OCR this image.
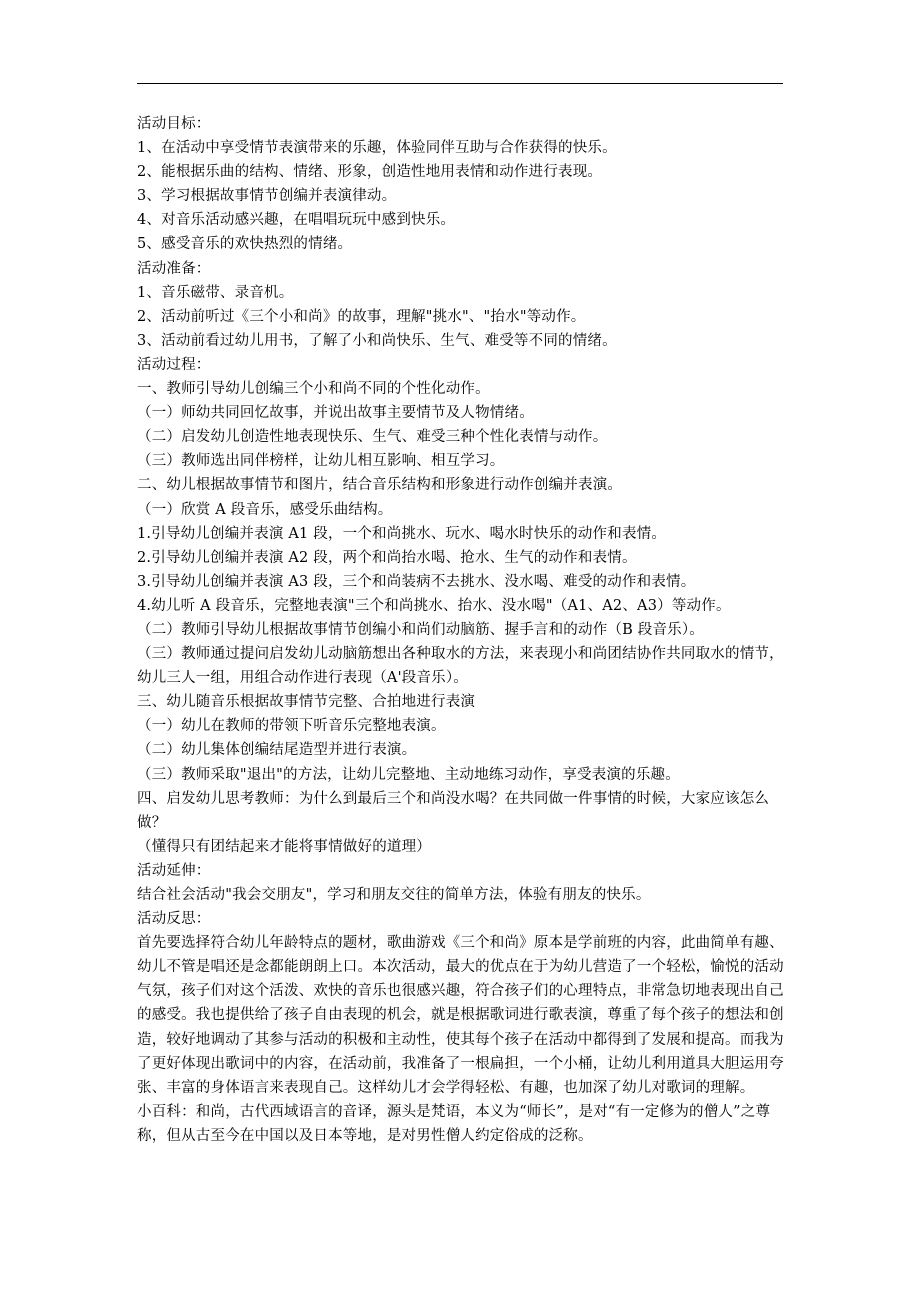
活动目标：

1、在活动中享受情节表演带来的乐趣，体验同伴互助与合作获得的快乐。

2、能根据乐曲的结构、情绪、形象，创造性地用表情和动作进行表现。

3、学习根据故事情节创编并表演律动。

4、对音乐活动感兴趣，在唱唱玩玩中感到快乐。

5、感受音乐的欢快热烈的情绪。

活动准备：

1、音乐磁带、录音机。

2、活动前听过《三个小和尚》的故事，理解"挑水"、"抬水"等动作。

3、活动前看过幼儿用书，了解了小和尚快乐、生气、难受等不同的情绪。

活动过程：

一、教师引导幼儿创编三个小和尚不同的个性化动作。

（一）师幼共同回忆故事，并说出故事主要情节及人物情绪。

（二）启发幼儿创造性地表现快乐、生气、难受三种个性化表情与动作。

（三）教师选出同伴榜样，让幼儿相互影响、相互学习。

二、幼儿根据故事情节和图片，结合音乐结构和形象进行动作创编并表演。

（一）欣赏 A 段音乐，感受乐曲结构。

1.引导幼儿创编并表演 A1 段，一个和尚挑水、玩水、喝水时快乐的动作和表情。

2.引导幼儿创编并表演 A2 段，两个和尚抬水喝、抢水、生气的动作和表情。

3.引导幼儿创编并表演 A3 段，三个和尚装病不去挑水、没水喝、难受的动作和表情。

4.幼儿听 A 段音乐，完整地表演"三个和尚挑水、抬水、没水喝"（A1、A2、A3）等动作。

（二）教师引导幼儿根据故事情节创编小和尚们动脑筋、握手言和的动作（B 段音乐）。

（三）教师通过提问启发幼儿动脑筋想出各种取水的方法，来表现小和尚团结协作共同取水的情节，幼儿三人一组，用组合动作进行表现（A'段音乐）。

三、幼儿随音乐根据故事情节完整、合拍地进行表演

（一）幼儿在教师的带领下听音乐完整地表演。

（二）幼儿集体创编结尾造型并进行表演。

（三）教师采取"退出"的方法，让幼儿完整地、主动地练习动作，享受表演的乐趣。

四、启发幼儿思考教师：为什么到最后三个和尚没水喝？在共同做一件事情的时候，大家应该怎么做？

（懂得只有团结起来才能将事情做好的道理）

活动延伸：

结合社会活动"我会交朋友"，学习和朋友交往的简单方法，体验有朋友的快乐。

活动反思：

首先要选择符合幼儿年龄特点的题材，歌曲游戏《三个和尚》原本是学前班的内容，此曲简单有趣、幼儿不管是唱还是念都能朗朗上口。本次活动，最大的优点在于为幼儿营造了一个轻松，愉悦的活动气氛，孩子们对这个活泼、欢快的音乐也很感兴趣，符合孩子们的心理特点，非常急切地表现出自己的感受。我也提供给了孩子自由表现的机会，就是根据歌词进行歌表演，尊重了每个孩子的想法和创造，较好地调动了其参与活动的积极和主动性，使其每个孩子在活动中都得到了发展和提高。而我为了更好体现出歌词中的内容，在活动前，我准备了一根扁担，一个小桶，让幼儿利用道具大胆运用夸张、丰富的身体语言来表现自己。这样幼儿才会学得轻松、有趣，也加深了幼儿对歌词的理解。

小百科：和尚，古代西域语言的音译，源头是梵语，本义为“师长”，是对“有一定修为的僧人”之尊称，但从古至今在中国以及日本等地，是对男性僧人约定俗成的泛称。
